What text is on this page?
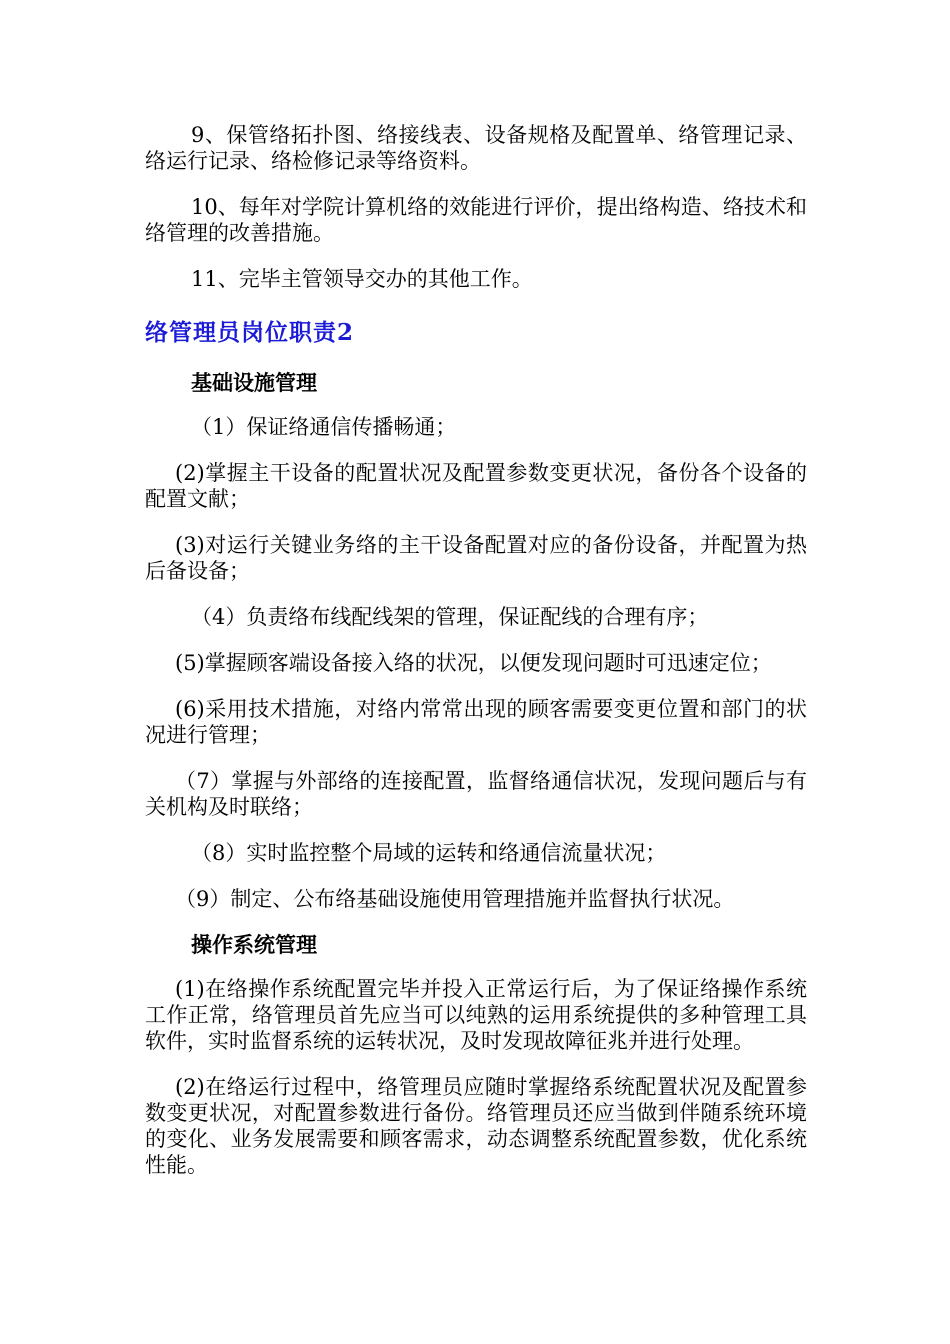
9、保管络拓扑图、络接线表、设备规格及配置单、络管理记录、络运行记录、络检修记录等络资料。

10、每年对学院计算机络的效能进行评价，提出络构造、络技术和络管理的改善措施。

11、完毕主管领导交办的其他工作。

络管理员岗位职责2
基础设施管理

（1）保证络通信传播畅通；

(2)掌握主干设备的配置状况及配置参数变更状况，备份各个设备的配置文献；

(3)对运行关键业务络的主干设备配置对应的备份设备，并配置为热后备设备；

（4）负责络布线配线架的管理，保证配线的合理有序；

(5)掌握顾客端设备接入络的状况，以便发现问题时可迅速定位；

(6)采用技术措施，对络内常常出现的顾客需要变更位置和部门的状况进行管理；

（7）掌握与外部络的连接配置，监督络通信状况，发现问题后与有关机构及时联络；

（8）实时监控整个局域的运转和络通信流量状况；

（9）制定、公布络基础设施使用管理措施并监督执行状况。

操作系统管理

(1)在络操作系统配置完毕并投入正常运行后，为了保证络操作系统工作正常，络管理员首先应当可以纯熟的运用系统提供的多种管理工具软件，实时监督系统的运转状况，及时发现故障征兆并进行处理。

(2)在络运行过程中，络管理员应随时掌握络系统配置状况及配置参数变更状况，对配置参数进行备份。络管理员还应当做到伴随系统环境的变化、业务发展需要和顾客需求，动态调整系统配置参数，优化系统性能。
